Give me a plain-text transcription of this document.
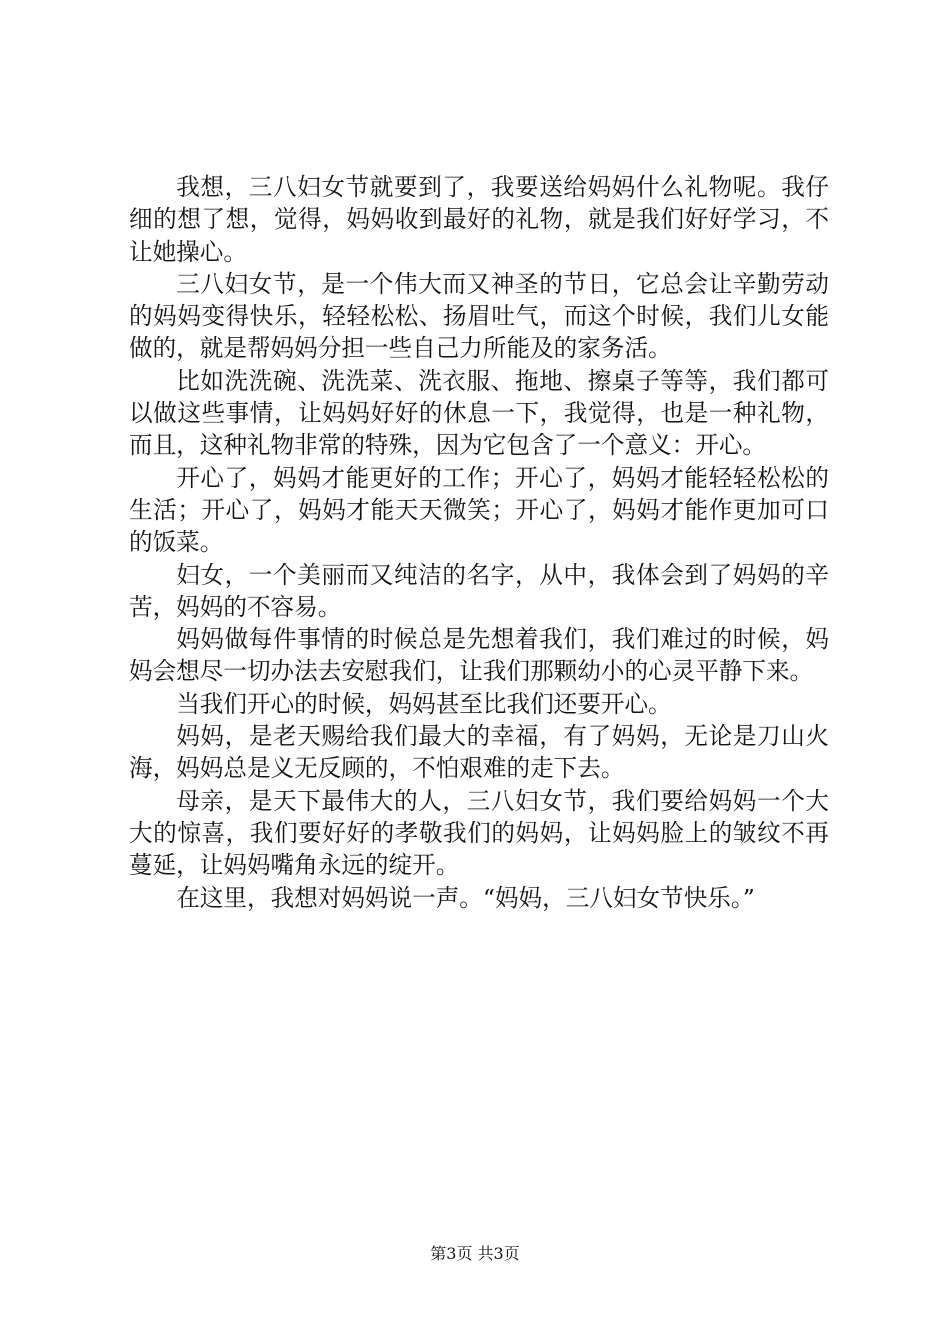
我想，三八妇女节就要到了，我要送给妈妈什么礼物呢。我仔细的想了想，觉得，妈妈收到最好的礼物，就是我们好好学习，不让她操心。

三八妇女节，是一个伟大而又神圣的节日，它总会让辛勤劳动的妈妈变得快乐，轻轻松松、扬眉吐气，而这个时候，我们儿女能做的，就是帮妈妈分担一些自己力所能及的家务活。

比如洗洗碗、洗洗菜、洗衣服、拖地、擦桌子等等，我们都可以做这些事情，让妈妈好好的休息一下，我觉得，也是一种礼物，而且，这种礼物非常的特殊，因为它包含了一个意义：开心。

开心了，妈妈才能更好的工作；开心了，妈妈才能轻轻松松的生活；开心了，妈妈才能天天微笑；开心了，妈妈才能作更加可口的饭菜。

妇女，一个美丽而又纯洁的名字，从中，我体会到了妈妈的辛苦，妈妈的不容易。

妈妈做每件事情的时候总是先想着我们，我们难过的时候，妈妈会想尽一切办法去安慰我们，让我们那颗幼小的心灵平静下来。

当我们开心的时候，妈妈甚至比我们还要开心。

妈妈，是老天赐给我们最大的幸福，有了妈妈，无论是刀山火海，妈妈总是义无反顾的，不怕艰难的走下去。

母亲，是天下最伟大的人，三八妇女节，我们要给妈妈一个大大的惊喜，我们要好好的孝敬我们的妈妈，让妈妈脸上的皱纹不再蔓延，让妈妈嘴角永远的绽开。

在这里，我想对妈妈说一声。“妈妈，三八妇女节快乐。”

第3页 共3页
